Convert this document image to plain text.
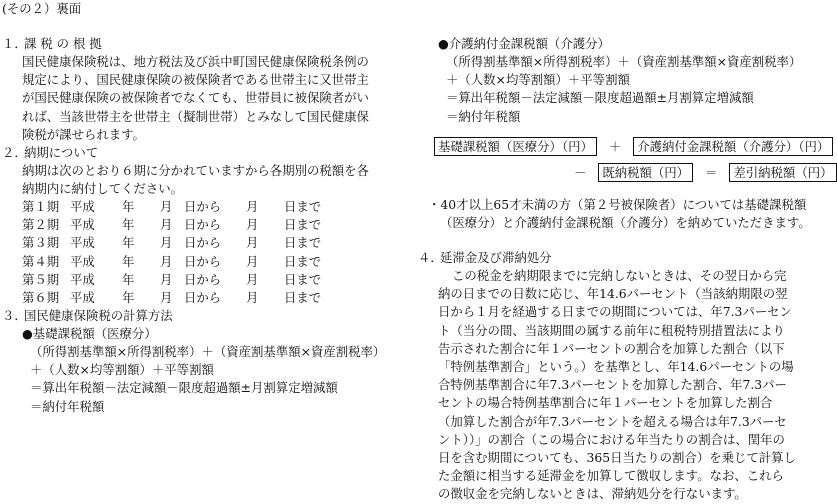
(その２）裏面
１．課 税 の 根 拠
国民健康保険税は、地方税法及び浜中町国民健康保険税条例の
規定により、国民健康保険の被保険者である世帯主に又世帯主
が国民健康保険の被保険者でなくても、世帯員に被保険者がい
れば、当該世帯主を世帯主（擬制世帯）とみなして国民健康保
険税が課せられます。
２．納期について
納期は次のとおり６期に分かれていますから各期別の税額を各
納期内に納付してください。
第１期 平成	年	月 日から	月	日まで
第２期 平成	年	月 日から	月	日まで
第３期 平成	年	月 日から	月	日まで
第４期 平成	年	月 日から	月	日まで
第５期 平成	年	月 日から	月	日まで
第６期 平成	年	月 日から	月	日まで
３．国民健康保険税の計算方法
●基礎課税額（医療分）
（所得割基準額×所得割税率）＋（資産割基準額×資産割税率）
＋（人数×均等割額）＋平等割額
＝算出年税額－法定減額－限度超過額±月割算定増減額
＝納付年税額
●介護納付金課税額（介護分）
（所得割基準額×所得割税率）＋（資産割基準額×資産割税率）
＋（人数×均等割額）＋平等割額
＝算出年税額－法定減額－限度超過額±月割算定増減額
＝納付年税額
基礎課税額（医療分）（円） ＋ 介護納付金課税額（介護分）（円）
－ 既納税額（円） ＝ 差引納税額（円）
・40才以上65才未満の方（第２号被保険者）については基礎課税額
（医療分）と介護納付金課税額（介護分）を納めていただきます。
４．延滞金及び滞納処分
この税金を納期限までに完納しないときは、その翌日から完
納の日までの日数に応じ、年14.6パーセント（当該納期限の翌
日から１月を経過する日までの期間については、年7.3パーセン
ト（当分の間、当該期間の属する前年に租税特別措置法により
告示された割合に年１パーセントの割合を加算した割合（以下
「特例基準割合」という。）を基準とし、年14.6パーセントの場
合特例基準割合に年7.3パーセントを加算した割合、年7.3パー
セントの場合特例基準割合に年１パーセントを加算した割合
（加算した割合が年7.3パーセントを超える場合は年7.3パーセ
ント））」の割合（この場合における年当たりの割合は、閏年の
日を含む期間についても、365日当たりの割合）を乗じて計算し
た金額に相当する延滞金を加算して徴収します。なお、これら
の徴収金を完納しないときは、滞納処分を行ないます。
